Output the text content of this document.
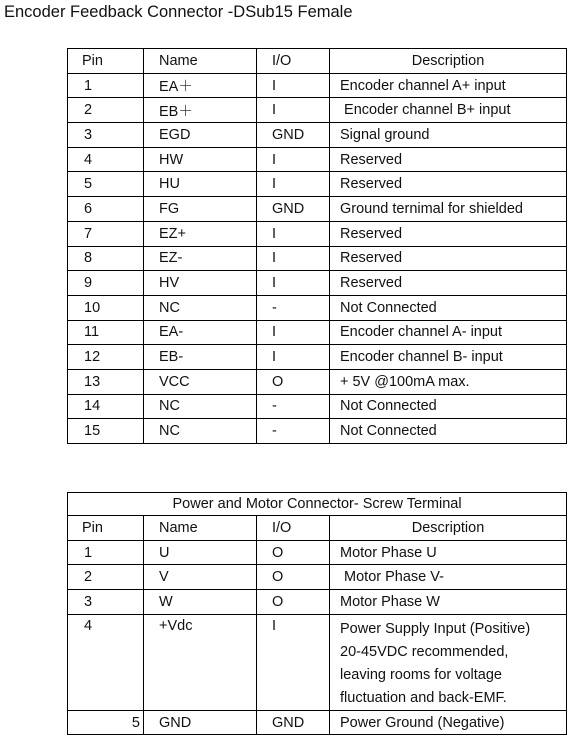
Encoder Feedback Connector -DSub15 Female
Pin	Name	I/O	Description
1	EA＋	I	Encoder channel A+ input
2	EB＋	I	Encoder channel B+ input
3	EGD	GND	Signal ground
4	HW	I	Reserved
5	HU	I	Reserved
6	FG	GND	Ground ternimal for shielded
7	EZ+	I	Reserved
8	EZ-	I	Reserved
9	HV	I	Reserved
10	NC	-	Not Connected
11	EA-	I	Encoder channel A- input
12	EB-	I	Encoder channel B- input
13	VCC	O	+ 5V @100mA max.
14	NC	-	Not Connected
15	NC	-	Not Connected
Power and Motor Connector- Screw Terminal			
Pin	Name	I/O	Description
1	U	O	Motor Phase U

2	V	O	Motor Phase V-

3	W	O	Motor Phase W

4	+Vdc	I	Power Supply Input (Positive)
20-45VDC recommended,
leaving rooms for voltage
fluctuation and back-EMF.

5	GND	GND	Power Ground (Negative)
